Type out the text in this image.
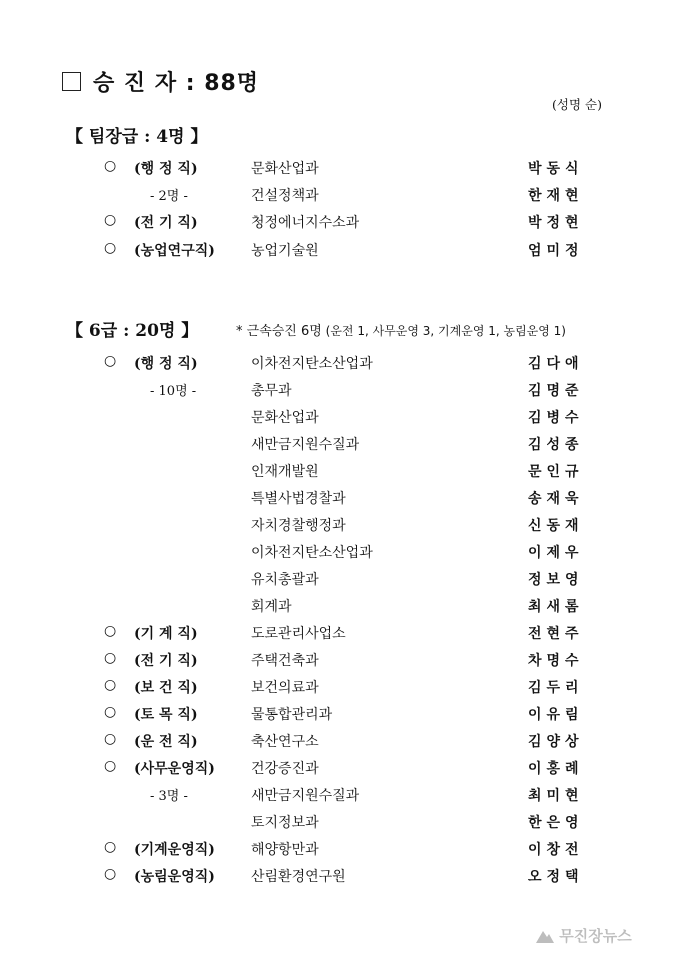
승 진 자 : 88명
(성명 순)
【 팀장급 : 4명 】
○ (행 정 직)	문화산업과	박동식
- 2명 -	건설정책과	한재현
○ (전 기 직)	청정에너지수소과	박정현
○ (농업연구직)	농업기술원	엄미정
【 6급 : 20명 】	* 근속승진 6명 (운전 1, 사무운영 3, 기계운영 1, 농림운영 1)
○ (행 정 직)	이차전지탄소산업과	김다애
- 10명 -	총무과	김명준
문화산업과	김병수
새만금지원수질과	김성종
인재개발원	문인규
특별사법경찰과	송재욱
자치경찰행정과	신동재
이차전지탄소산업과	이제우
유치총괄과	정보영
회계과	최새롬
○ (기 계 직)	도로관리사업소	전현주
○ (전 기 직)	주택건축과	차명수
○ (보 건 직)	보건의료과	김두리
○ (토 목 직)	물통합관리과	이유림
○ (운 전 직)	축산연구소	김양상
○ (사무운영직)	건강증진과	이홍례
- 3명 -	새만금지원수질과	최미현
토지정보과	한은영
○ (기계운영직)	해양항만과	이창전
○ (농림운영직)	산림환경연구원	오정택
무진장뉴스
